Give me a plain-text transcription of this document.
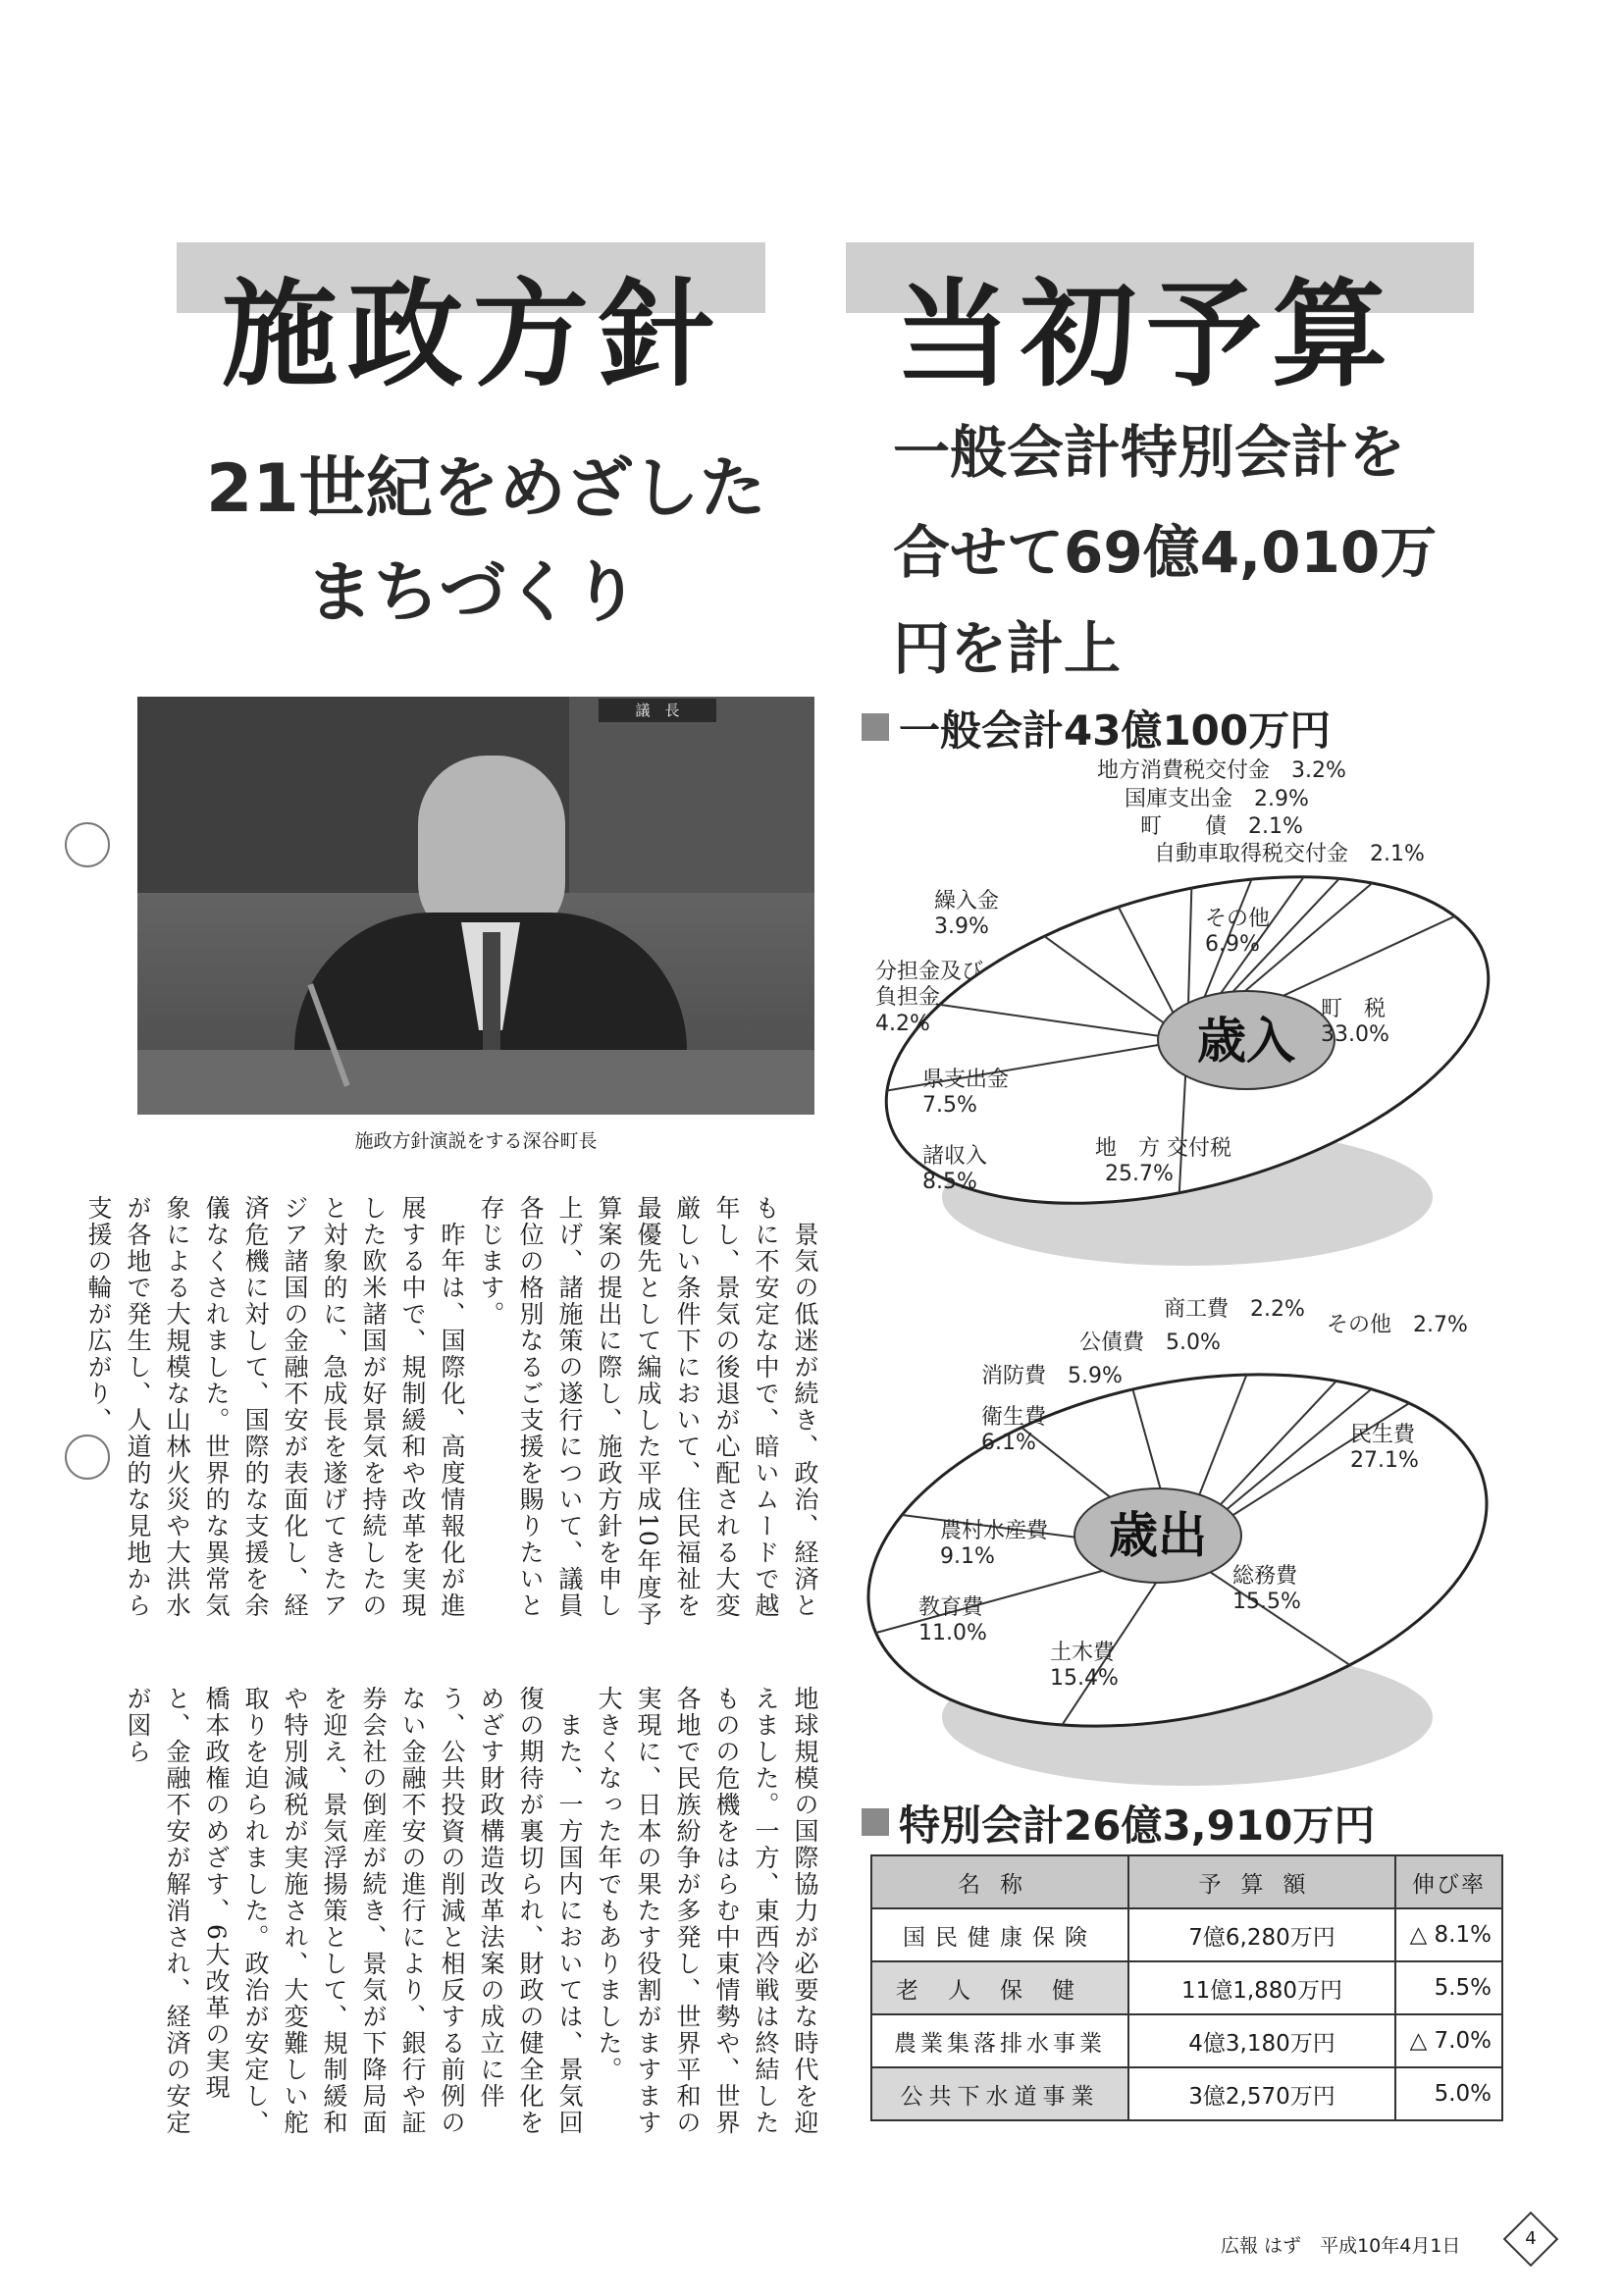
施政方針
21世紀をめざした
まちづくり
当初予算
一般会計特別会計を
合せて69億4,010万
円を計上
議　長
施政方針演説をする深谷町長

　景気の低迷が続き、政治、経済ともに不安定な中で、暗いムードで越年し、景気の後退が心配される大変厳しい条件下において、住民福祉を最優先として編成した平成10年度予算案の提出に際し、施政方針を申し上げ、諸施策の遂行について、議員各位の格別なるご支援を賜りたいと存じます。

　昨年は、国際化、高度情報化が進展する中で、規制緩和や改革を実現した欧米諸国が好景気を持続したのと対象的に、急成長を遂げてきたアジア諸国の金融不安が表面化し、経済危機に対して、国際的な支援を余儀なくされました。世界的な異常気象による大規模な山林火災や大洪水が各地で発生し、人道的な見地から支援の輪が広がり、

地球規模の国際協力が必要な時代を迎えました。一方、東西冷戦は終結したものの危機をはらむ中東情勢や、世界各地で民族紛争が多発し、世界平和の実現に、日本の果たす役割がますます大きくなった年でもありました。

　また、一方国内においては、景気回復の期待が裏切られ、財政の健全化をめざす財政構造改革法案の成立に伴う、公共投資の削減と相反する前例のない金融不安の進行により、銀行や証券会社の倒産が続き、景気が下降局面を迎え、景気浮揚策として、規制緩和や特別減税が実施され、大変難しい舵取りを迫られました。政治が安定し、橋本政権のめざす、6大改革の実現と、金融不安が解消され、経済の安定が図ら

一般会計43億100万円
歳入
地方消費税交付金　 3.2%
国庫支出金　 2.9%
町　　債　 2.1%
自動車取得税交付金　 2.1%
その他
6.9%
町　税
33.0%
地　方 交付税
25.7%
諸収入
8.5%
県支出金
7.5%
分担金及び 負担金
4.2%
繰入金
3.9%
歳出
商工費　 2.2%
その他　 2.7%
公債費　 5.0%
消防費　 5.9%
衛生費
6.1%	民生費
27.1%
農村水産費
9.1%
総務費
15.5%
教育費
11.0%
土木費
15.4%
特別会計26億3,910万円
名称	予算額	伸び率
国民健康保険	7億6,280万円	△ 8.1%
老人保健	11億1,880万円	5.5%
農業集落排水事業	4億3,180万円	△ 7.0%
公共下水道事業	3億2,570万円	5.0%
広報 はず　 平成10年4月1日	4
